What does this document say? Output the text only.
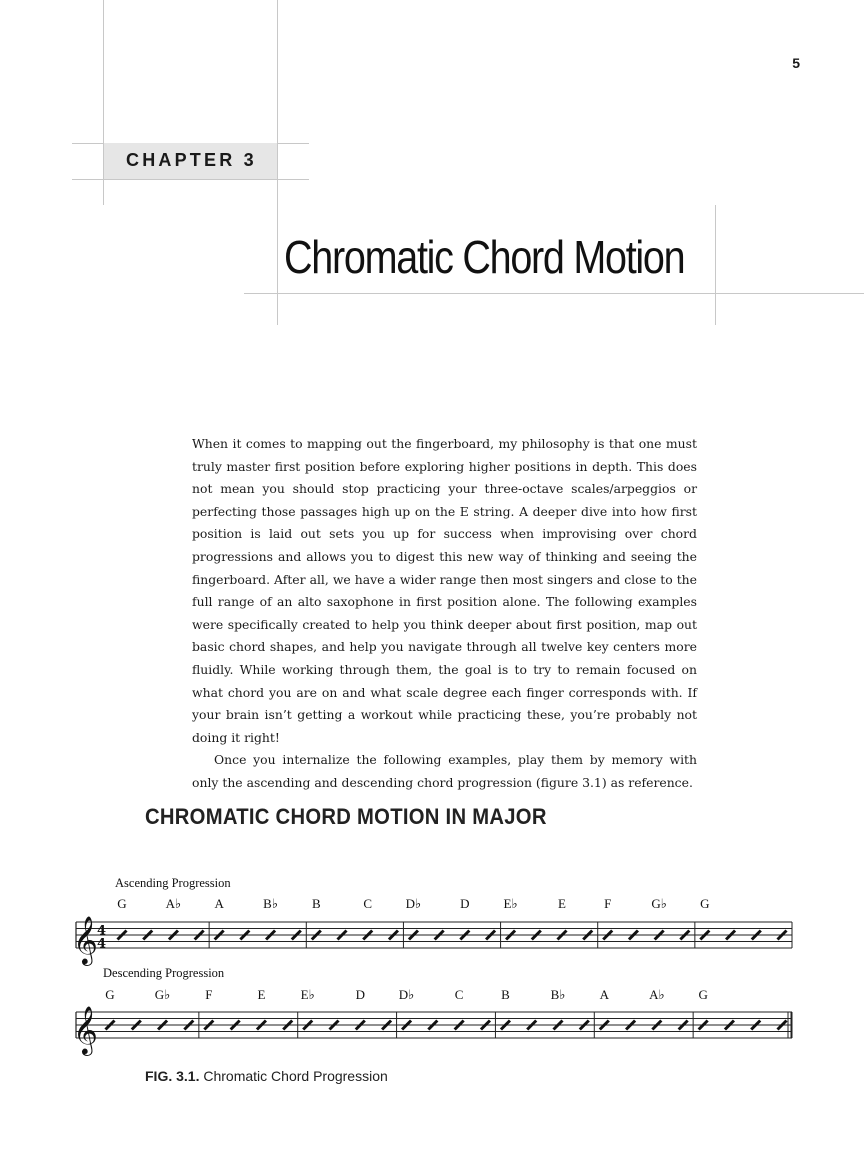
5
CHAPTER 3
Chromatic Chord Motion

When it comes to mapping out the fingerboard, my philosophy is that one must truly master first position before exploring higher positions in depth. This does not mean you should stop practicing your three-octave scales/arpeggios or perfecting those passages high up on the E string. A deeper dive into how first position is laid out sets you up for success when improvising over chord progressions and allows you to digest this new way of thinking and seeing the fingerboard. After all, we have a wider range then most singers and close to the full range of an alto saxophone in first position alone. The following examples were specifically created to help you think deeper about first position, map out basic chord shapes, and help you navigate through all twelve key centers more fluidly. While working through them, the goal is to try to remain focused on what chord you are on and what scale degree each finger corresponds with. If your brain isn’t getting a workout while practicing these, you’re probably not doing it right!

Once you internalize the following examples, play them by memory with only the ascending and descending chord progression (figure 3.1) as reference.

CHROMATIC CHORD MOTION IN MAJOR
Ascending Progression
𝄞 4
4
G	A♭	A	B♭	B	C	D♭	D	E♭	E	F	G♭	G
Descending Progression
𝄞
G	G♭	F	E	E♭	D	D♭	C	B	B♭	A	A♭	G
FIG. 3.1. Chromatic Chord Progression
